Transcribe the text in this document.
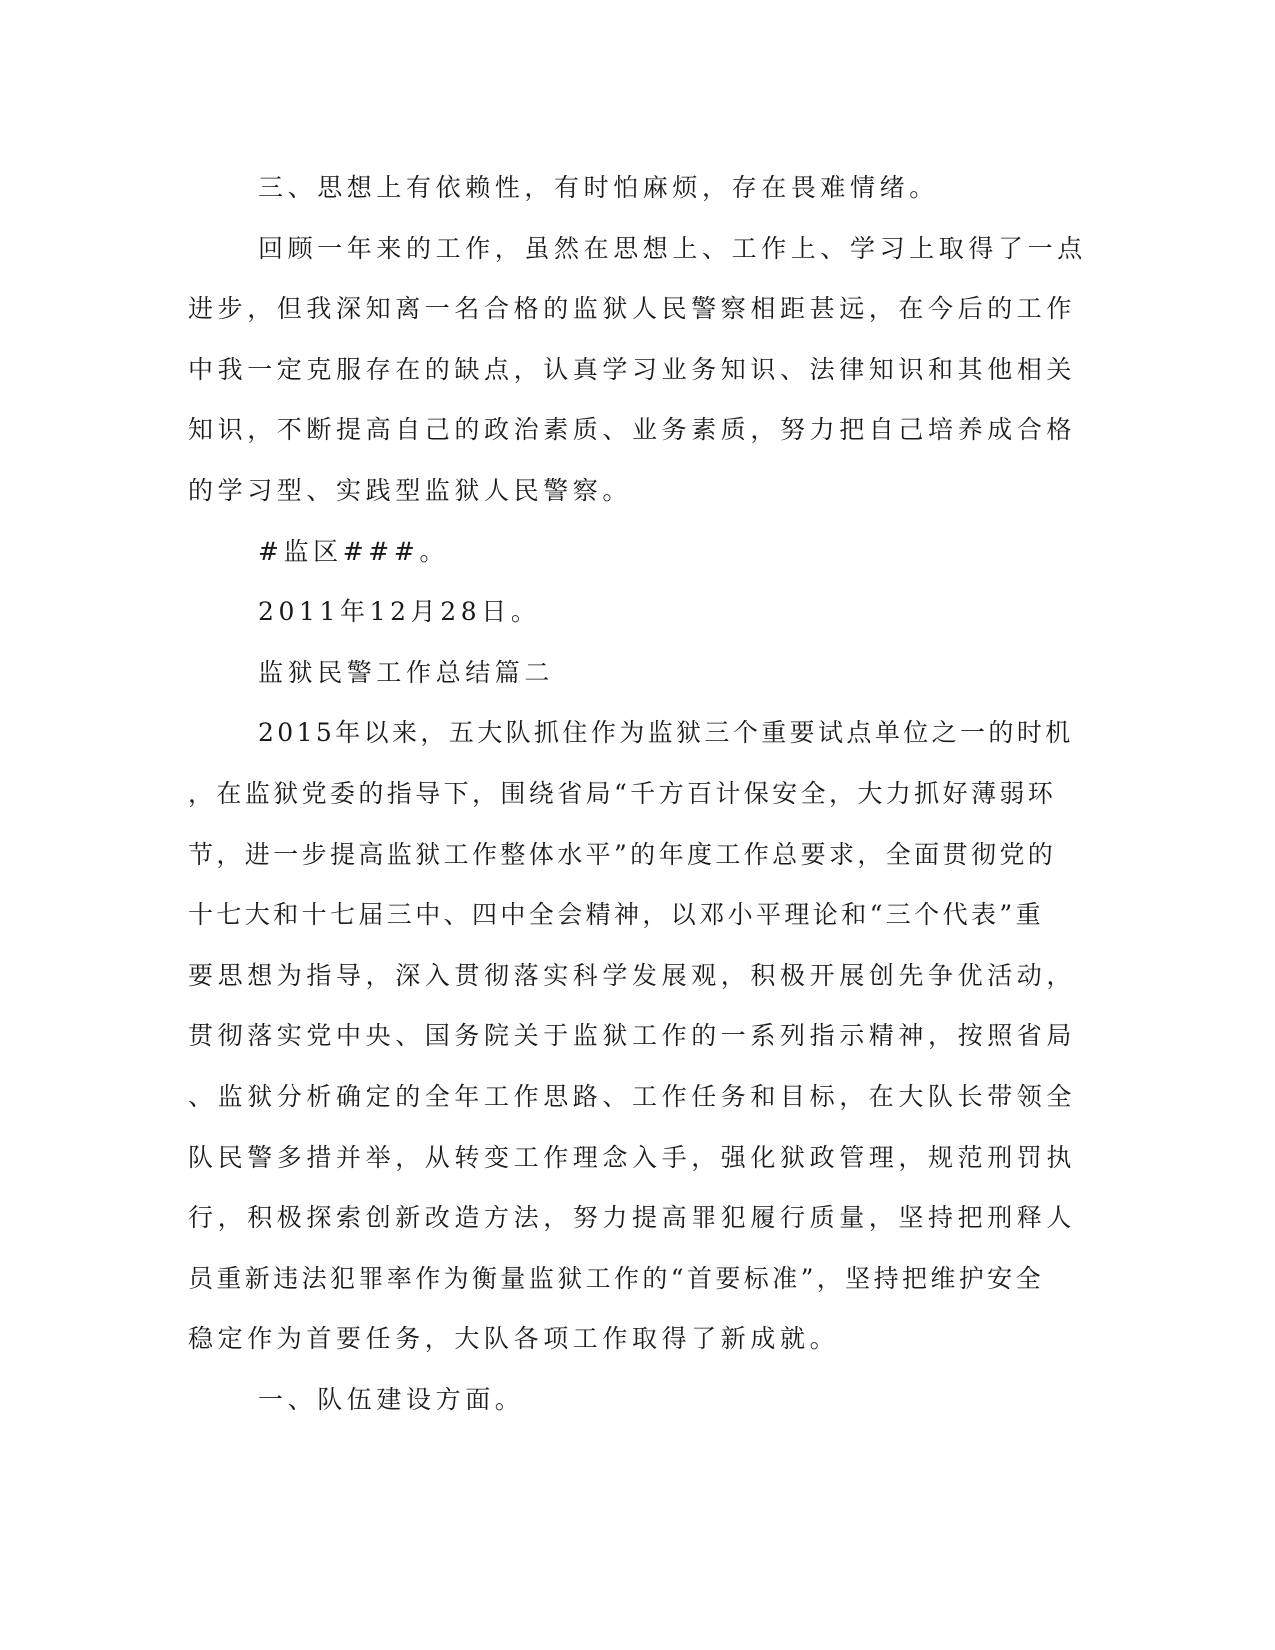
三、思想上有依赖性，有时怕麻烦，存在畏难情绪。
回顾一年来的工作，虽然在思想上、工作上、学习上取得了一点
进步，但我深知离一名合格的监狱人民警察相距甚远，在今后的工作
中我一定克服存在的缺点，认真学习业务知识、法律知识和其他相关
知识，不断提高自己的政治素质、业务素质，努力把自己培养成合格
的学习型、实践型监狱人民警察。
#监区###。
2011年12月28日。
监狱民警工作总结篇二
2015年以来，五大队抓住作为监狱三个重要试点单位之一的时机
，在监狱党委的指导下，围绕省局“千方百计保安全，大力抓好薄弱环
节，进一步提高监狱工作整体水平”的年度工作总要求，全面贯彻党的
十七大和十七届三中、四中全会精神，以邓小平理论和“三个代表”重
要思想为指导，深入贯彻落实科学发展观，积极开展创先争优活动，
贯彻落实党中央、国务院关于监狱工作的一系列指示精神，按照省局
、监狱分析确定的全年工作思路、工作任务和目标，在大队长带领全
队民警多措并举，从转变工作理念入手，强化狱政管理，规范刑罚执
行，积极探索创新改造方法，努力提高罪犯履行质量，坚持把刑释人
员重新违法犯罪率作为衡量监狱工作的“首要标准”，坚持把维护安全
稳定作为首要任务，大队各项工作取得了新成就。
一、队伍建设方面。
